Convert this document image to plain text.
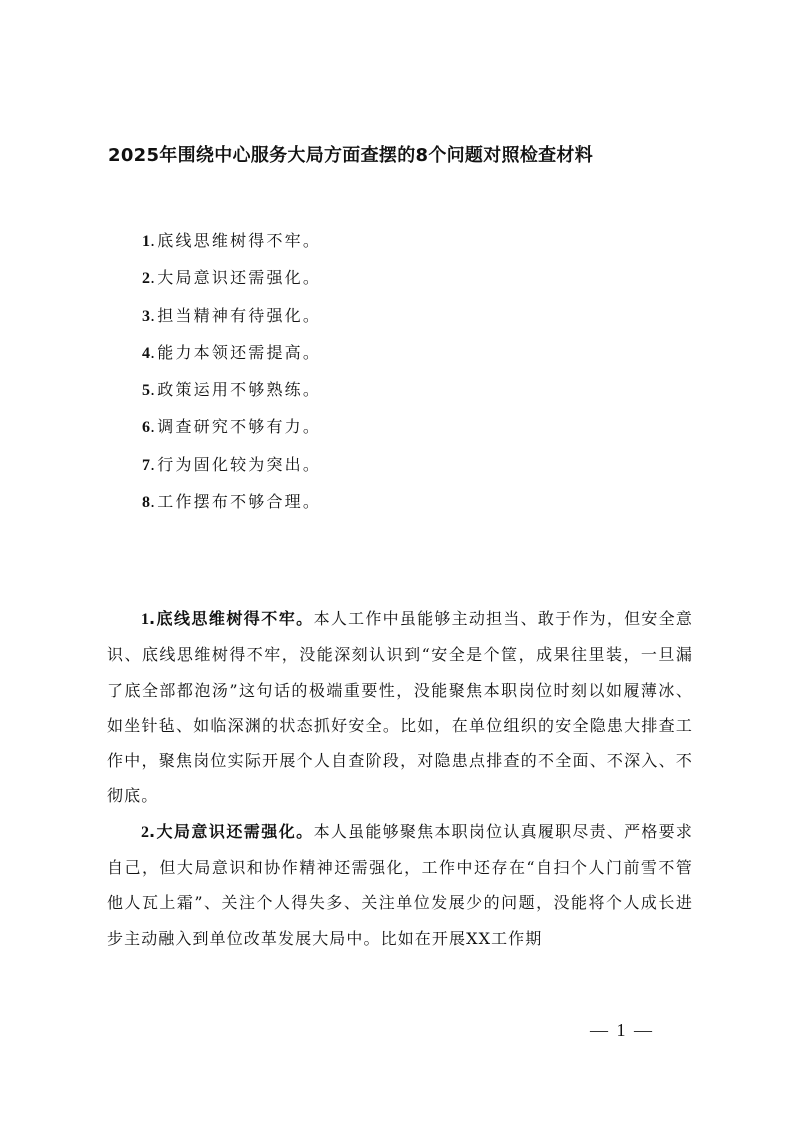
2025年围绕中心服务大局方面查摆的8个问题对照检查材料
1.底线思维树得不牢。
2.大局意识还需强化。
3.担当精神有待强化。
4.能力本领还需提高。
5.政策运用不够熟练。
6.调查研究不够有力。
7.行为固化较为突出。
8.工作摆布不够合理。

1.底线思维树得不牢。本人工作中虽能够主动担当、敢于作为，但安全意识、底线思维树得不牢，没能深刻认识到“安全是个筐，成果往里装，一旦漏了底全部都泡汤”这句话的极端重要性，没能聚焦本职岗位时刻以如履薄冰、如坐针毡、如临深渊的状态抓好安全。比如，在单位组织的安全隐患大排查工作中，聚焦岗位实际开展个人自查阶段，对隐患点排查的不全面、不深入、不彻底。

2.大局意识还需强化。本人虽能够聚焦本职岗位认真履职尽责、严格要求自己，但大局意识和协作精神还需强化，工作中还存在“自扫个人门前雪不管他人瓦上霜”、关注个人得失多、关注单位发展少的问题，没能将个人成长进步主动融入到单位改革发展大局中。比如在开展XX工作期

— 1 —
